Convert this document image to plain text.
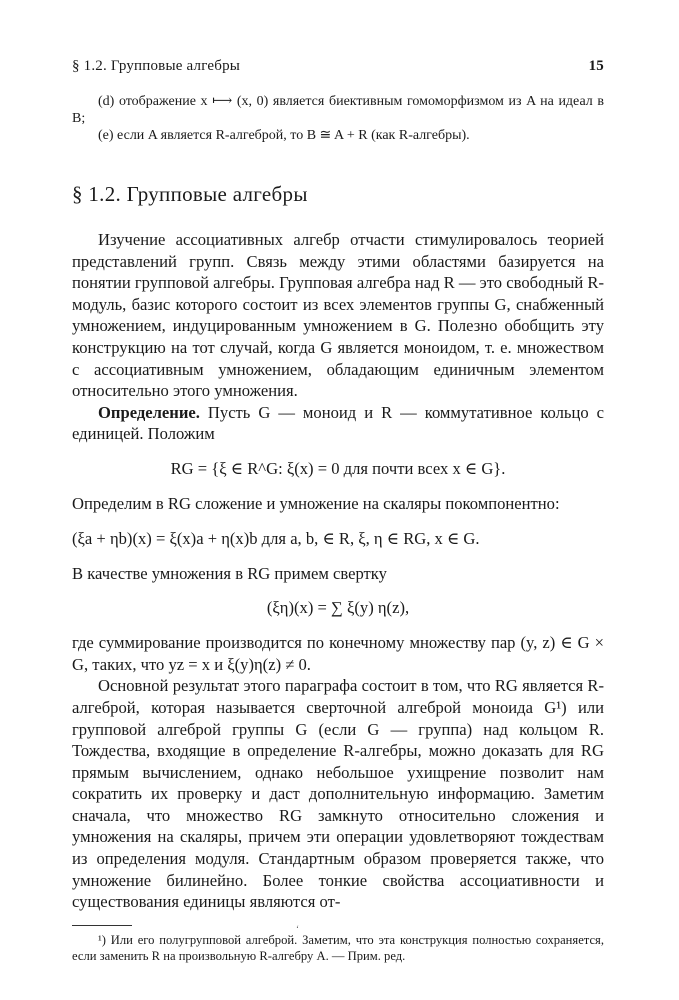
§ 1.2. Групповые алгебры	15
(d) отображение x ⟼ (x, 0) является биективным гомоморфизмом из A на идеал в B;
(e) если A является R-алгеброй, то B ≅ A + R (как R-алгебры).
§ 1.2. Групповые алгебры

Изучение ассоциативных алгебр отчасти стимулировалось теорией представлений групп. Связь между этими областями базируется на понятии групповой алгебры. Групповая алгебра над R — это свободный R-модуль, базис которого состоит из всех элементов группы G, снабженный умножением, индуцированным умножением в G. Полезно обобщить эту конструкцию на тот случай, когда G является моноидом, т. е. множеством с ассоциативным умножением, обладающим единичным элементом относительно этого умножения.

Определение. Пусть G — моноид и R — коммутативное кольцо с единицей. Положим

RG = {ξ ∈ R^G: ξ(x) = 0 для почти всех x ∈ G}.

Определим в RG сложение и умножение на скаляры покомпонентно:

(ξa + ηb)(x) = ξ(x)a + η(x)b для a, b, ∈ R, ξ, η ∈ RG, x ∈ G.

В качестве умножения в RG примем свертку

(ξη)(x) = ∑ ξ(y) η(z),

где суммирование производится по конечному множеству пар (y, z) ∈ G × G, таких, что yz = x и ξ(y)η(z) ≠ 0.

Основной результат этого параграфа состоит в том, что RG является R-алгеброй, которая называется сверточной алгеброй моноида G¹) или групповой алгеброй группы G (если G — группа) над кольцом R. Тождества, входящие в определение R-алгебры, можно доказать для RG прямым вычислением, однако небольшое ухищрение позволит нам сократить их проверку и даст дополнительную информацию. Заметим сначала, что множество RG замкнуто относительно сложения и умножения на скаляры, причем эти операции удовлетворяют тождествам из определения модуля. Стандартным образом проверяется также, что умножение билинейно. Более тонкие свойства ассоциативности и существования единицы являются от-

¹) Или его полугрупповой алгеброй. Заметим, что эта конструкция полностью сохраняется, если заменить R на произвольную R-алгебру A. — Прим. ред.
‘
